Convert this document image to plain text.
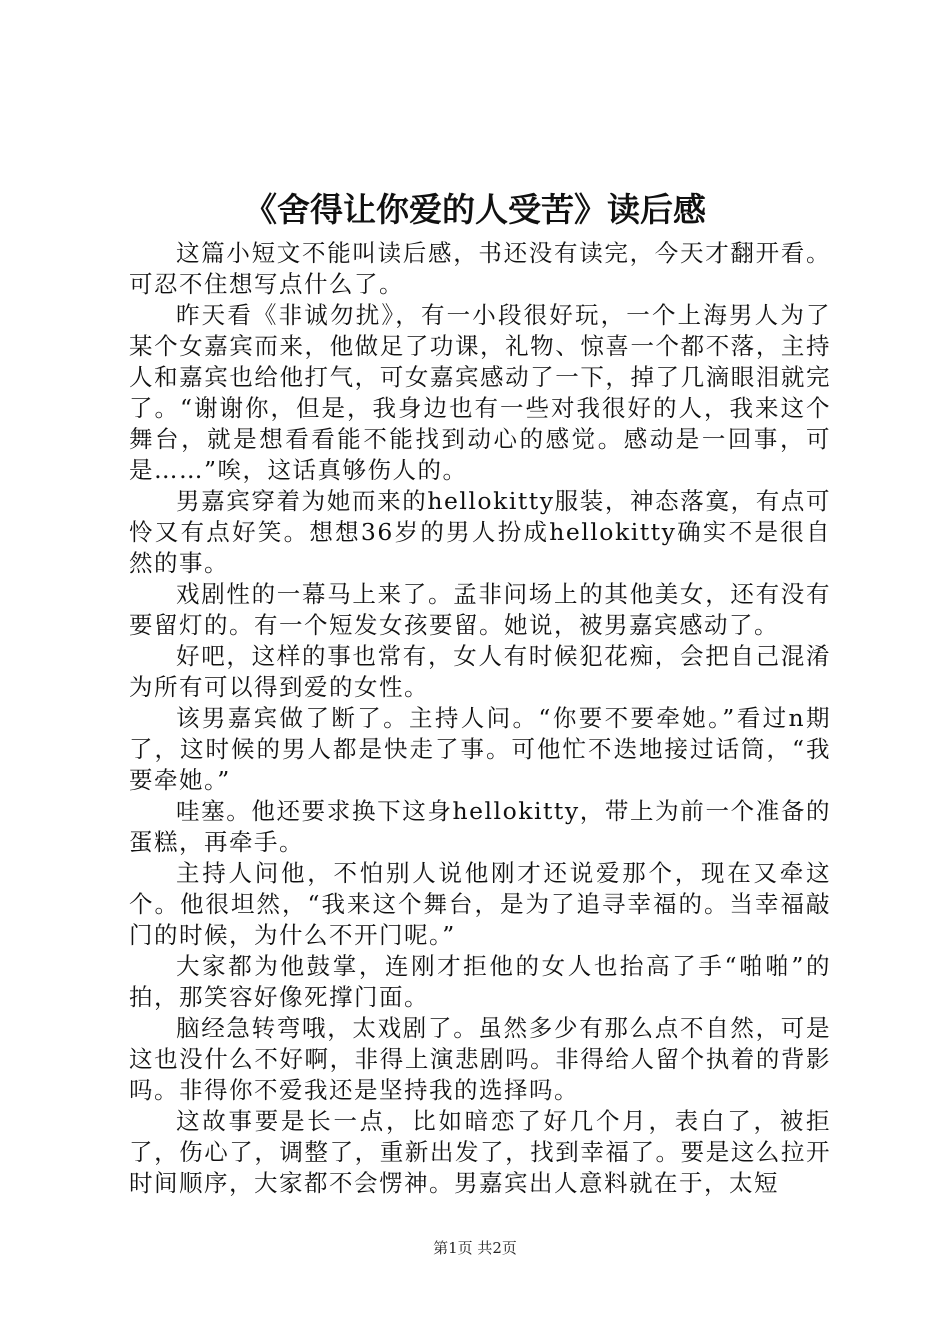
《舍得让你爱的人受苦》读后感

这篇小短文不能叫读后感，书还没有读完，今天才翻开看。可忍不住想写点什么了。

昨天看《非诚勿扰》，有一小段很好玩，一个上海男人为了某个女嘉宾而来，他做足了功课，礼物、惊喜一个都不落，主持人和嘉宾也给他打气，可女嘉宾感动了一下，掉了几滴眼泪就完了。“谢谢你，但是，我身边也有一些对我很好的人，我来这个舞台，就是想看看能不能找到动心的感觉。感动是一回事，可是……”唉，这话真够伤人的。

男嘉宾穿着为她而来的hellokitty服装，神态落寞，有点可怜又有点好笑。想想36岁的男人扮成hellokitty确实不是很自然的事。

戏剧性的一幕马上来了。孟非问场上的其他美女，还有没有要留灯的。有一个短发女孩要留。她说，被男嘉宾感动了。

好吧，这样的事也常有，女人有时候犯花痴，会把自己混淆为所有可以得到爱的女性。

该男嘉宾做了断了。主持人问。“你要不要牵她。”看过n期了，这时候的男人都是快走了事。可他忙不迭地接过话筒，“我要牵她。”

哇塞。他还要求换下这身hellokitty，带上为前一个准备的蛋糕，再牵手。

主持人问他，不怕别人说他刚才还说爱那个，现在又牵这个。他很坦然，“我来这个舞台，是为了追寻幸福的。当幸福敲门的时候，为什么不开门呢。”

大家都为他鼓掌，连刚才拒他的女人也抬高了手“啪啪”的拍，那笑容好像死撑门面。

脑经急转弯哦，太戏剧了。虽然多少有那么点不自然，可是这也没什么不好啊，非得上演悲剧吗。非得给人留个执着的背影吗。非得你不爱我还是坚持我的选择吗。

这故事要是长一点，比如暗恋了好几个月，表白了，被拒了，伤心了，调整了，重新出发了，找到幸福了。要是这么拉开时间顺序，大家都不会愣神。男嘉宾出人意料就在于，太短

第1页 共2页
